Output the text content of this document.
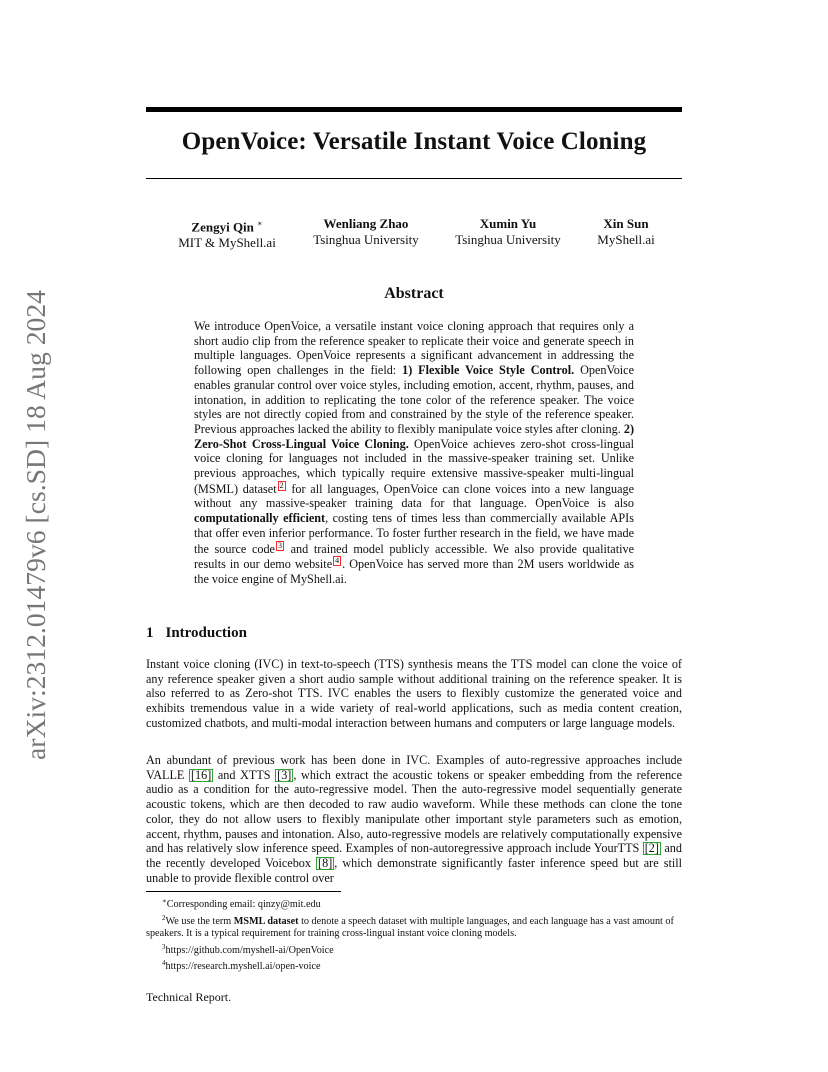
arXiv:2312.01479v6 [cs.SD] 18 Aug 2024
OpenVoice: Versatile Instant Voice Cloning
Zengyi Qin ∗
MIT & MyShell.ai
Wenliang Zhao
Tsinghua University
Xumin Yu
Tsinghua University
Xin Sun
MyShell.ai
Abstract
We introduce OpenVoice, a versatile instant voice cloning approach that requires only a short audio clip from the reference speaker to replicate their voice and generate speech in multiple languages. OpenVoice represents a significant advancement in addressing the following open challenges in the field: 1) Flexible Voice Style Control. OpenVoice enables granular control over voice styles, including emotion, accent, rhythm, pauses, and intonation, in addition to replicating the tone color of the reference speaker. The voice styles are not directly copied from and constrained by the style of the reference speaker. Previous approaches lacked the ability to flexibly manipulate voice styles after cloning. 2) Zero-Shot Cross-Lingual Voice Cloning. OpenVoice achieves zero-shot cross-lingual voice cloning for languages not included in the massive-speaker training set. Unlike previous approaches, which typically require extensive massive-speaker multi-lingual (MSML) dataset 2 for all languages, OpenVoice can clone voices into a new language without any massive-speaker training data for that language. OpenVoice is also computationally efficient, costing tens of times less than commercially available APIs that offer even inferior performance. To foster further research in the field, we have made the source code 3 and trained model publicly accessible. We also provide qualitative results in our demo website 4 . OpenVoice has served more than 2M users worldwide as the voice engine of MyShell.ai.
1 Introduction
Instant voice cloning (IVC) in text-to-speech (TTS) synthesis means the TTS model can clone the voice of any reference speaker given a short audio sample without additional training on the reference speaker. It is also referred to as Zero-shot TTS. IVC enables the users to flexibly customize the generated voice and exhibits tremendous value in a wide variety of real-world applications, such as media content creation, customized chatbots, and multi-modal interaction between humans and computers or large language models.
An abundant of previous work has been done in IVC. Examples of auto-regressive approaches include VALLE [16] and XTTS [3] , which extract the acoustic tokens or speaker embedding from the reference audio as a condition for the auto-regressive model. Then the auto-regressive model sequentially generate acoustic tokens, which are then decoded to raw audio waveform. While these methods can clone the tone color, they do not allow users to flexibly manipulate other important style parameters such as emotion, accent, rhythm, pauses and intonation. Also, auto-regressive models are relatively computationally expensive and has relatively slow inference speed. Examples of non-autoregressive approach include YourTTS [2] and the recently developed Voicebox [8] , which demonstrate significantly faster inference speed but are still unable to provide flexible control over
∗Corresponding email: qinzy@mit.edu
$^2$We use the term MSML dataset to denote a speech dataset with multiple languages, and each language has a vast amount of speakers. It is a typical requirement for training cross-lingual instant voice cloning models.
$^3$https://github.com/myshell-ai/OpenVoice
$^4$https://research.myshell.ai/open-voice
Technical Report.
